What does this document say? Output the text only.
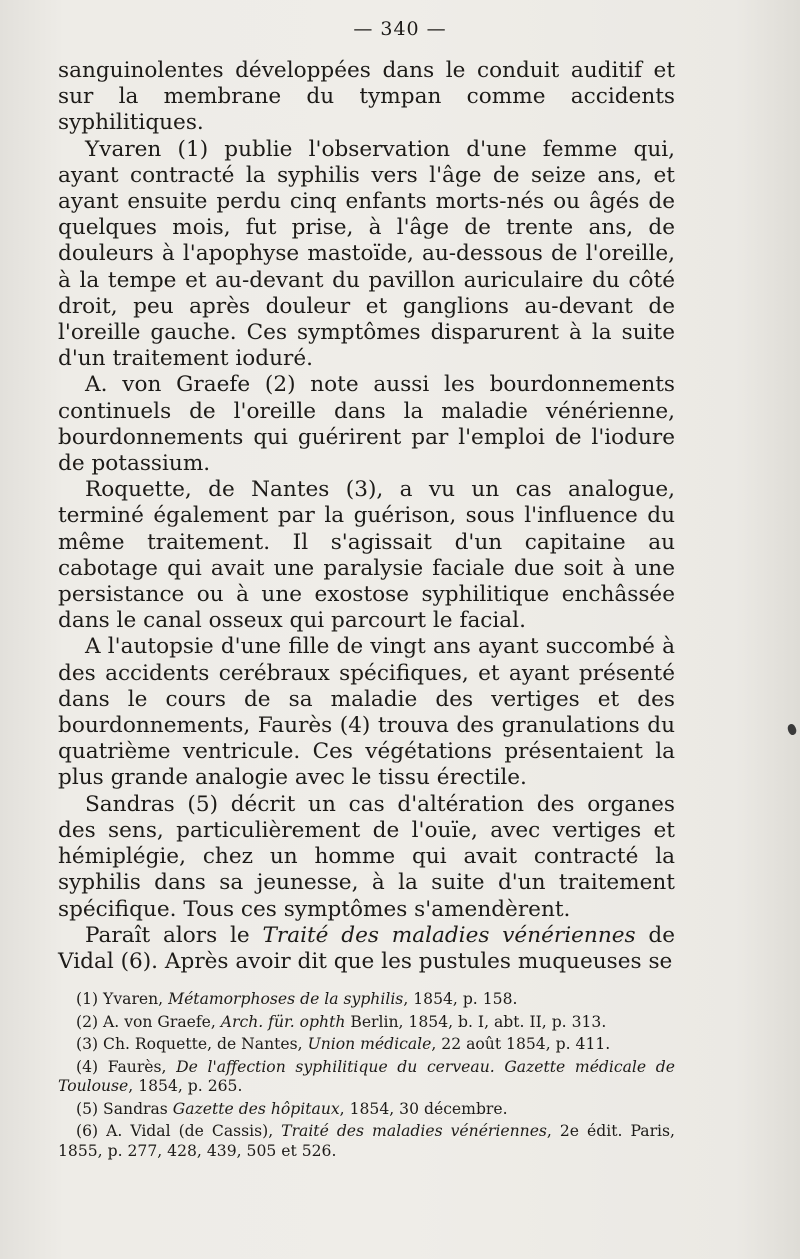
— 340 —

sanguinolentes développées dans le conduit auditif et sur la membrane du tympan comme accidents syphilitiques.

Yvaren (1) publie l'observation d'une femme qui, ayant contracté la syphilis vers l'âge de seize ans, et ayant ensuite perdu cinq enfants morts-nés ou âgés de quelques mois, fut prise, à l'âge de trente ans, de douleurs à l'apophyse mastoïde, au-dessous de l'oreille, à la tempe et au-devant du pavillon auriculaire du côté droit, peu après douleur et ganglions au-devant de l'oreille gauche. Ces symptômes disparurent à la suite d'un traitement ioduré.

A. von Graefe (2) note aussi les bourdonnements continuels de l'oreille dans la maladie vénérienne, bourdonnements qui guérirent par l'emploi de l'iodure de potassium.

Roquette, de Nantes (3), a vu un cas analogue, terminé également par la guérison, sous l'influence du même traitement. Il s'agissait d'un capitaine au cabotage qui avait une paralysie faciale due soit à une persistance ou à une exostose syphilitique enchâssée dans le canal osseux qui parcourt le facial.

A l'autopsie d'une fille de vingt ans ayant succombé à des accidents cerébraux spécifiques, et ayant présenté dans le cours de sa maladie des vertiges et des bourdonnements, Faurès (4) trouva des granulations du quatrième ventricule. Ces végétations présentaient la plus grande analogie avec le tissu érectile.

Sandras (5) décrit un cas d'altération des organes des sens, particulièrement de l'ouïe, avec vertiges et hémiplégie, chez un homme qui avait contracté la syphilis dans sa jeunesse, à la suite d'un traitement spécifique. Tous ces symptômes s'amendèrent.

Paraît alors le Traité des maladies vénériennes de Vidal (6). Après avoir dit que les pustules muqueuses se

(1) Yvaren, Métamorphoses de la syphilis, 1854, p. 158.

(2) A. von Graefe, Arch. für. ophth Berlin, 1854, b. I, abt. II, p. 313.

(3) Ch. Roquette, de Nantes, Union médicale, 22 août 1854, p. 411.

(4) Faurès, De l'affection syphilitique du cerveau. Gazette médicale de Toulouse, 1854, p. 265.

(5) Sandras Gazette des hôpitaux, 1854, 30 décembre.

(6) A. Vidal (de Cassis), Traité des maladies vénériennes, 2e édit. Paris, 1855, p. 277, 428, 439, 505 et 526.
